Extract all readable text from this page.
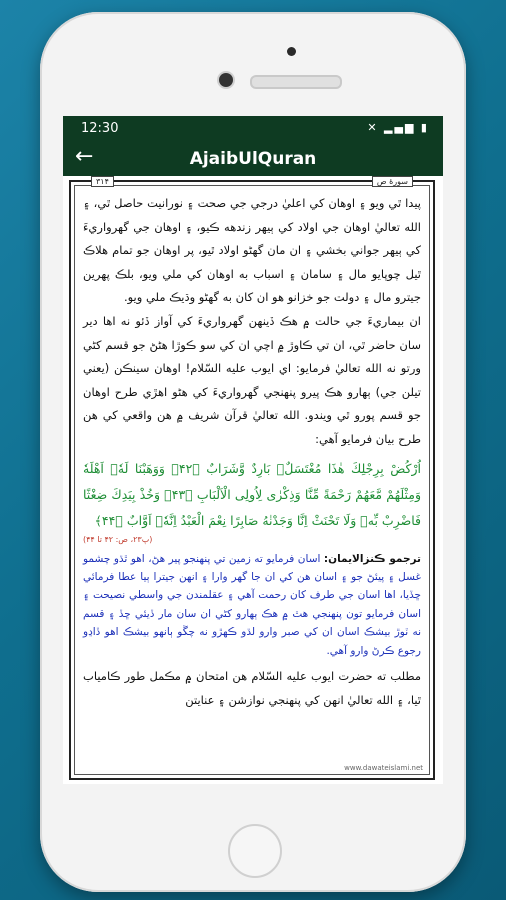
12:30	✕ ▂▄▆ ▮
←	AjaibUlQuran
۳۱۴	سورهٔ ص
پيدا ٿي ويو ۽ اوهان کي اعليٰ درجي جي صحت ۽ نورانيت حاصل ٿي، ۽ الله تعاليٰ اوهان جي اولاد کي ٻيهر زندهه ڪيو، ۽ اوهان جي گهرواريءَ کي ٻيهر جواني بخشي ۽ ان مان گهڻو اولاد ٿيو، پر اوهان جو تمام هلاڪ ٿيل چوپايو مال ۽ سامان ۽ اسباب به اوهان کي ملي ويو، بلڪ پهرين جيترو مال ۽ دولت جو خزانو هو ان کان به گهڻو وڌيڪ ملي ويو.
ان بيماريءَ جي حالت ۾ هڪ ڏينهن گهرواريءَ کي آواز ڏئو نه اها دير سان حاضر ٿي، ان تي ڪاوڙ ۾ اچي ان کي سو ڪوڙا هڻڻ جو قسم کڻي ورتو نه الله تعاليٰ فرمايو: اي ايوب عليه السّلام! اوهان سينڪن (يعني تيلن جي) ٻهارو هڪ پيرو پنهنجي گهرواريءَ کي هڻو اهڙي طرح اوهان جو قسم پورو ٿي ويندو. الله تعاليٰ قرآن شريف ۾ هن واقعي کي هن طرح بيان فرمايو آهي:
اُرْكُضْ بِرِجْلِكَ هٰذَا مُغْتَسَلٌۢ بَارِدٌ وَّشَرَابٌ ﴿۴۲﴾ وَوَهَبْنَا لَهٗۤ اَهْلَهٗ وَمِثْلَهُمْ مَّعَهُمْ رَحْمَةً مِّنَّا وَذِكْرٰى لِاُولِى الْاَلْبَابِ ﴿۴۳﴾ وَخُذْ بِيَدِكَ ضِغْثًا فَاضْرِبْ بِّهٖ وَلَا تَحْنَثْ اِنَّا وَجَدْنٰهُ صَابِرًا نِعْمَ الْعَبْدُ اِنَّهٗۤ اَوَّابٌ ﴿۴۴﴾
(پ۲۳، ص: ۴۲ تا ۴۴)
ترجمو ڪنزالايمان: اسان فرمايو ته زمين تي پنهنجو پير هڻ، اهو ٿڌو چشمو غسل ۽ پيئڻ جو ۽ اسان هن کي ان جا گهر وارا ۽ انهن جيترا ٻيا عطا فرمائي ڇڏيا، اها اسان جي طرف کان رحمت آهي ۽ عقلمندن جي واسطي نصيحت ۽ اسان فرمايو تون پنهنجي هٿ ۾ هڪ ٻهارو کڻي ان سان مار ڏيئي ڇڏ ۽ قسم نه ٽوڙ بيشڪ اسان ان کي صبر وارو لڌو ڪهڙو نه چڱو ٻانهو بيشڪ اهو ڏاڍو رجوع ڪرڻ وارو آهي.
مطلب ته حضرت ايوب عليه السّلام هن امتحان ۾ مڪمل طور ڪامياب ٿيا، ۽ الله تعاليٰ انهن کي پنهنجي نوازشن ۽ عنايتن
www.dawateislami.net
